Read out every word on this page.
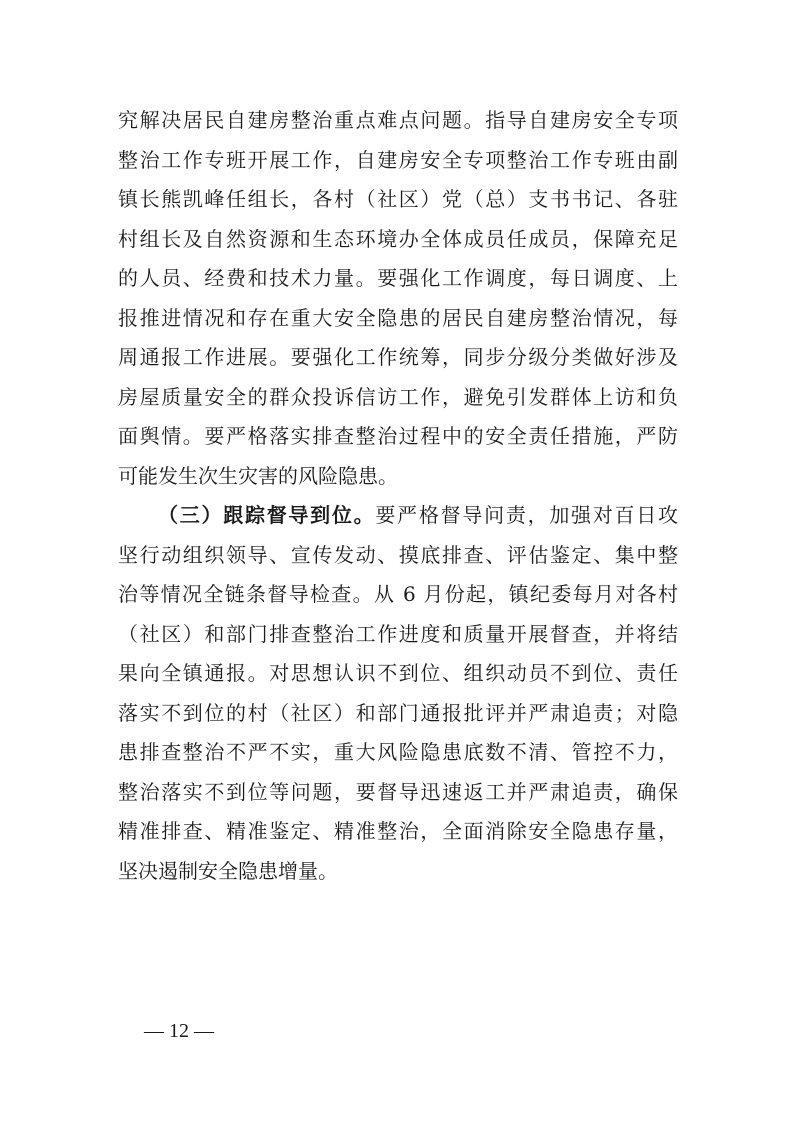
究解决居民自建房整治重点难点问题。指导自建房安全专项
整治工作专班开展工作，自建房安全专项整治工作专班由副
镇长熊凯峰任组长，各村（社区）党（总）支书书记、各驻
村组长及自然资源和生态环境办全体成员任成员，保障充足
的人员、经费和技术力量。要强化工作调度，每日调度、上
报推进情况和存在重大安全隐患的居民自建房整治情况，每
周通报工作进展。要强化工作统筹，同步分级分类做好涉及
房屋质量安全的群众投诉信访工作，避免引发群体上访和负
面舆情。要严格落实排查整治过程中的安全责任措施，严防
可能发生次生灾害的风险隐患。
（三）跟踪督导到位。要严格督导问责，加强对百日攻
坚行动组织领导、宣传发动、摸底排查、评估鉴定、集中整
治等情况全链条督导检查。从 6 月份起，镇纪委每月对各村
（社区）和部门排查整治工作进度和质量开展督查，并将结
果向全镇通报。对思想认识不到位、组织动员不到位、责任
落实不到位的村（社区）和部门通报批评并严肃追责；对隐
患排查整治不严不实，重大风险隐患底数不清、管控不力，
整治落实不到位等问题，要督导迅速返工并严肃追责，确保
精准排查、精准鉴定、精准整治，全面消除安全隐患存量，
坚决遏制安全隐患增量。
— 12 —
